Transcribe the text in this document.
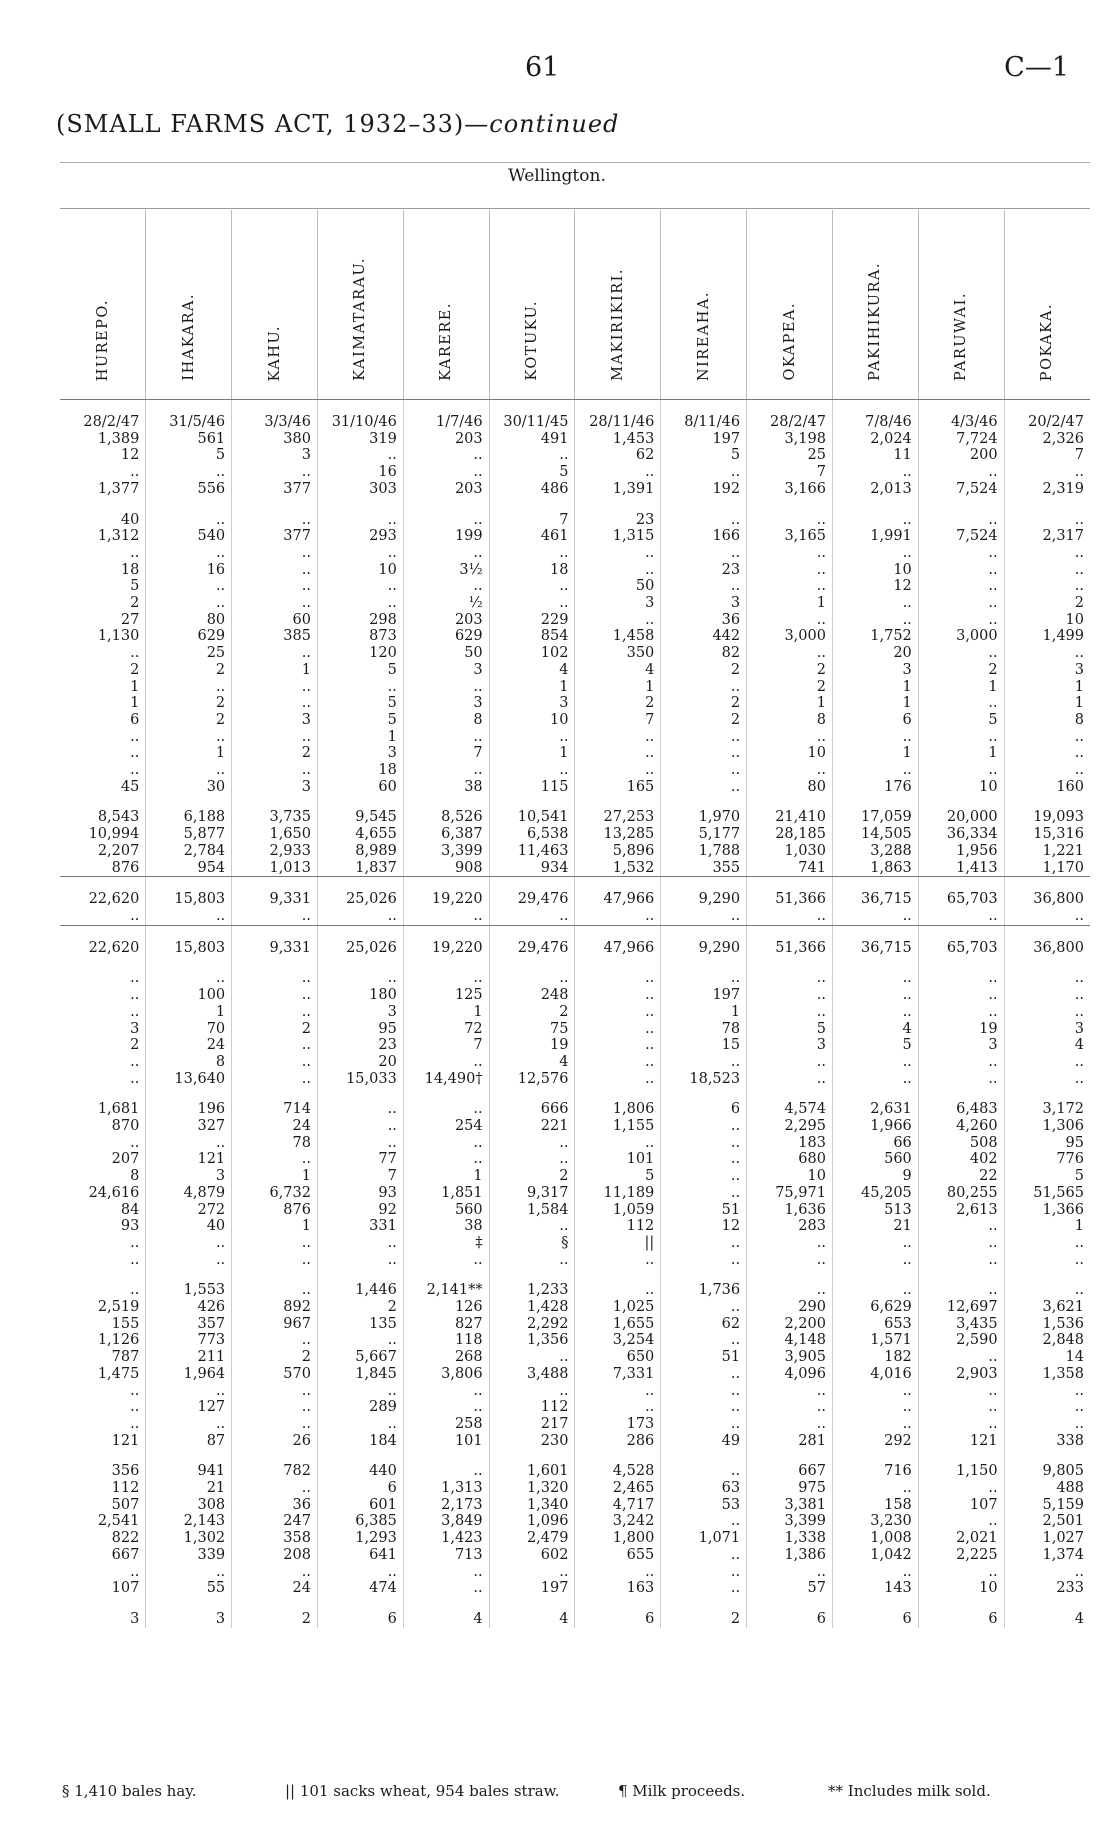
61	C—1
(SMALL FARMS ACT, 1932–33)—continued
Wellington.
HUREPO.	IHAKARA.	KAHU.	KAIMATARAU.	KARERE.	KOTUKU.	MAKIRIKIRI.	NIREAHA.	OKAPEA.	PAKIHIKURA.	PARUWAI.	POKAKA.

28/2/47	31/5/46	3/3/46	31/10/46	1/7/46	30/11/45	28/11/46	8/11/46	28/2/47	7/8/46	4/3/46	20/2/47
1,389	561	380	319	203	491	1,453	197	3,198	2,024	7,724	2,326
12	5	3	..	..	..	62	5	25	11	200	7
..	..	..	16	..	5	..	..	7	..	..	..
1,377	556	377	303	203	486	1,391	192	3,166	2,013	7,524	2,319

40	..	..	..	..	7	23	..	..	..	..	..
1,312	540	377	293	199	461	1,315	166	3,165	1,991	7,524	2,317
..	..	..	..	..	..	..	..	..	..	..	..
18	16	..	10	3½	18	..	23	..	10	..	..
5	..	..	..	..	..	50	..	..	12	..	..
2	..	..	..	½	..	3	3	1	..	..	2
27	80	60	298	203	229	..	36	..	..	..	10
1,130	629	385	873	629	854	1,458	442	3,000	1,752	3,000	1,499
..	25	..	120	50	102	350	82	..	20	..	..
2	2	1	5	3	4	4	2	2	3	2	3
1	..	..	..	..	1	1	..	2	1	1	1
1	2	..	5	3	3	2	2	1	1	..	1
6	2	3	5	8	10	7	2	8	6	5	8
..	..	..	1	..	..	..	..	..	..	..	..
..	1	2	3	7	1	..	..	10	1	1	..
..	..	..	18	..	..	..	..	..	..	..	..
45	30	3	60	38	115	165	..	80	176	10	160

8,543	6,188	3,735	9,545	8,526	10,541	27,253	1,970	21,410	17,059	20,000	19,093
10,994	5,877	1,650	4,655	6,387	6,538	13,285	5,177	28,185	14,505	36,334	15,316
2,207	2,784	2,933	8,989	3,399	11,463	5,896	1,788	1,030	3,288	1,956	1,221
876	954	1,013	1,837	908	934	1,532	355	741	1,863	1,413	1,170

22,620	15,803	9,331	25,026	19,220	29,476	47,966	9,290	51,366	36,715	65,703	36,800
..	..	..	..	..	..	..	..	..	..	..	..

22,620	15,803	9,331	25,026	19,220	29,476	47,966	9,290	51,366	36,715	65,703	36,800

..	..	..	..	..	..	..	..	..	..	..	..
..	100	..	180	125	248	..	197	..	..	..	..
..	1	..	3	1	2	..	1	..	..	..	..
3	70	2	95	72	75	..	78	5	4	19	3
2	24	..	23	7	19	..	15	3	5	3	4
..	8	..	20	..	4	..	..	..	..	..	..
..	13,640	..	15,033	14,490†	12,576	..	18,523	..	..	..	..

1,681	196	714	..	..	666	1,806	6	4,574	2,631	6,483	3,172
870	327	24	..	254	221	1,155	..	2,295	1,966	4,260	1,306
..	..	78	..	..	..	..	..	183	66	508	95
207	121	..	77	..	..	101	..	680	560	402	776
8	3	1	7	1	2	5	..	10	9	22	5
24,616	4,879	6,732	93	1,851	9,317	11,189	..	75,971	45,205	80,255	51,565
84	272	876	92	560	1,584	1,059	51	1,636	513	2,613	1,366
93	40	1	331	38	..	112	12	283	21	..	1
..	..	..	..	‡	§	||	..	..	..	..	..
..	..	..	..	..	..	..	..	..	..	..	..

..	1,553	..	1,446	2,141**	1,233	..	1,736	..	..	..	..
2,519	426	892	2	126	1,428	1,025	..	290	6,629	12,697	3,621
155	357	967	135	827	2,292	1,655	62	2,200	653	3,435	1,536
1,126	773	..	..	118	1,356	3,254	..	4,148	1,571	2,590	2,848
787	211	2	5,667	268	..	650	51	3,905	182	..	14
1,475	1,964	570	1,845	3,806	3,488	7,331	..	4,096	4,016	2,903	1,358
..	..	..	..	..	..	..	..	..	..	..	..
..	127	..	289	..	112	..	..	..	..	..	..
..	..	..	..	258	217	173	..	..	..	..	..
121	87	26	184	101	230	286	49	281	292	121	338

356	941	782	440	..	1,601	4,528	..	667	716	1,150	9,805
112	21	..	6	1,313	1,320	2,465	63	975	..	..	488
507	308	36	601	2,173	1,340	4,717	53	3,381	158	107	5,159
2,541	2,143	247	6,385	3,849	1,096	3,242	..	3,399	3,230	..	2,501
822	1,302	358	1,293	1,423	2,479	1,800	1,071	1,338	1,008	2,021	1,027
667	339	208	641	713	602	655	..	1,386	1,042	2,225	1,374
..	..	..	..	..	..	..	..	..	..	..	..
107	55	24	474	..	197	163	..	57	143	10	233

3	3	2	6	4	4	6	2	6	6	6	4
§ 1,410 bales hay.	|| 101 sacks wheat, 954 bales straw.	¶ Milk proceeds.	** Includes milk sold.
